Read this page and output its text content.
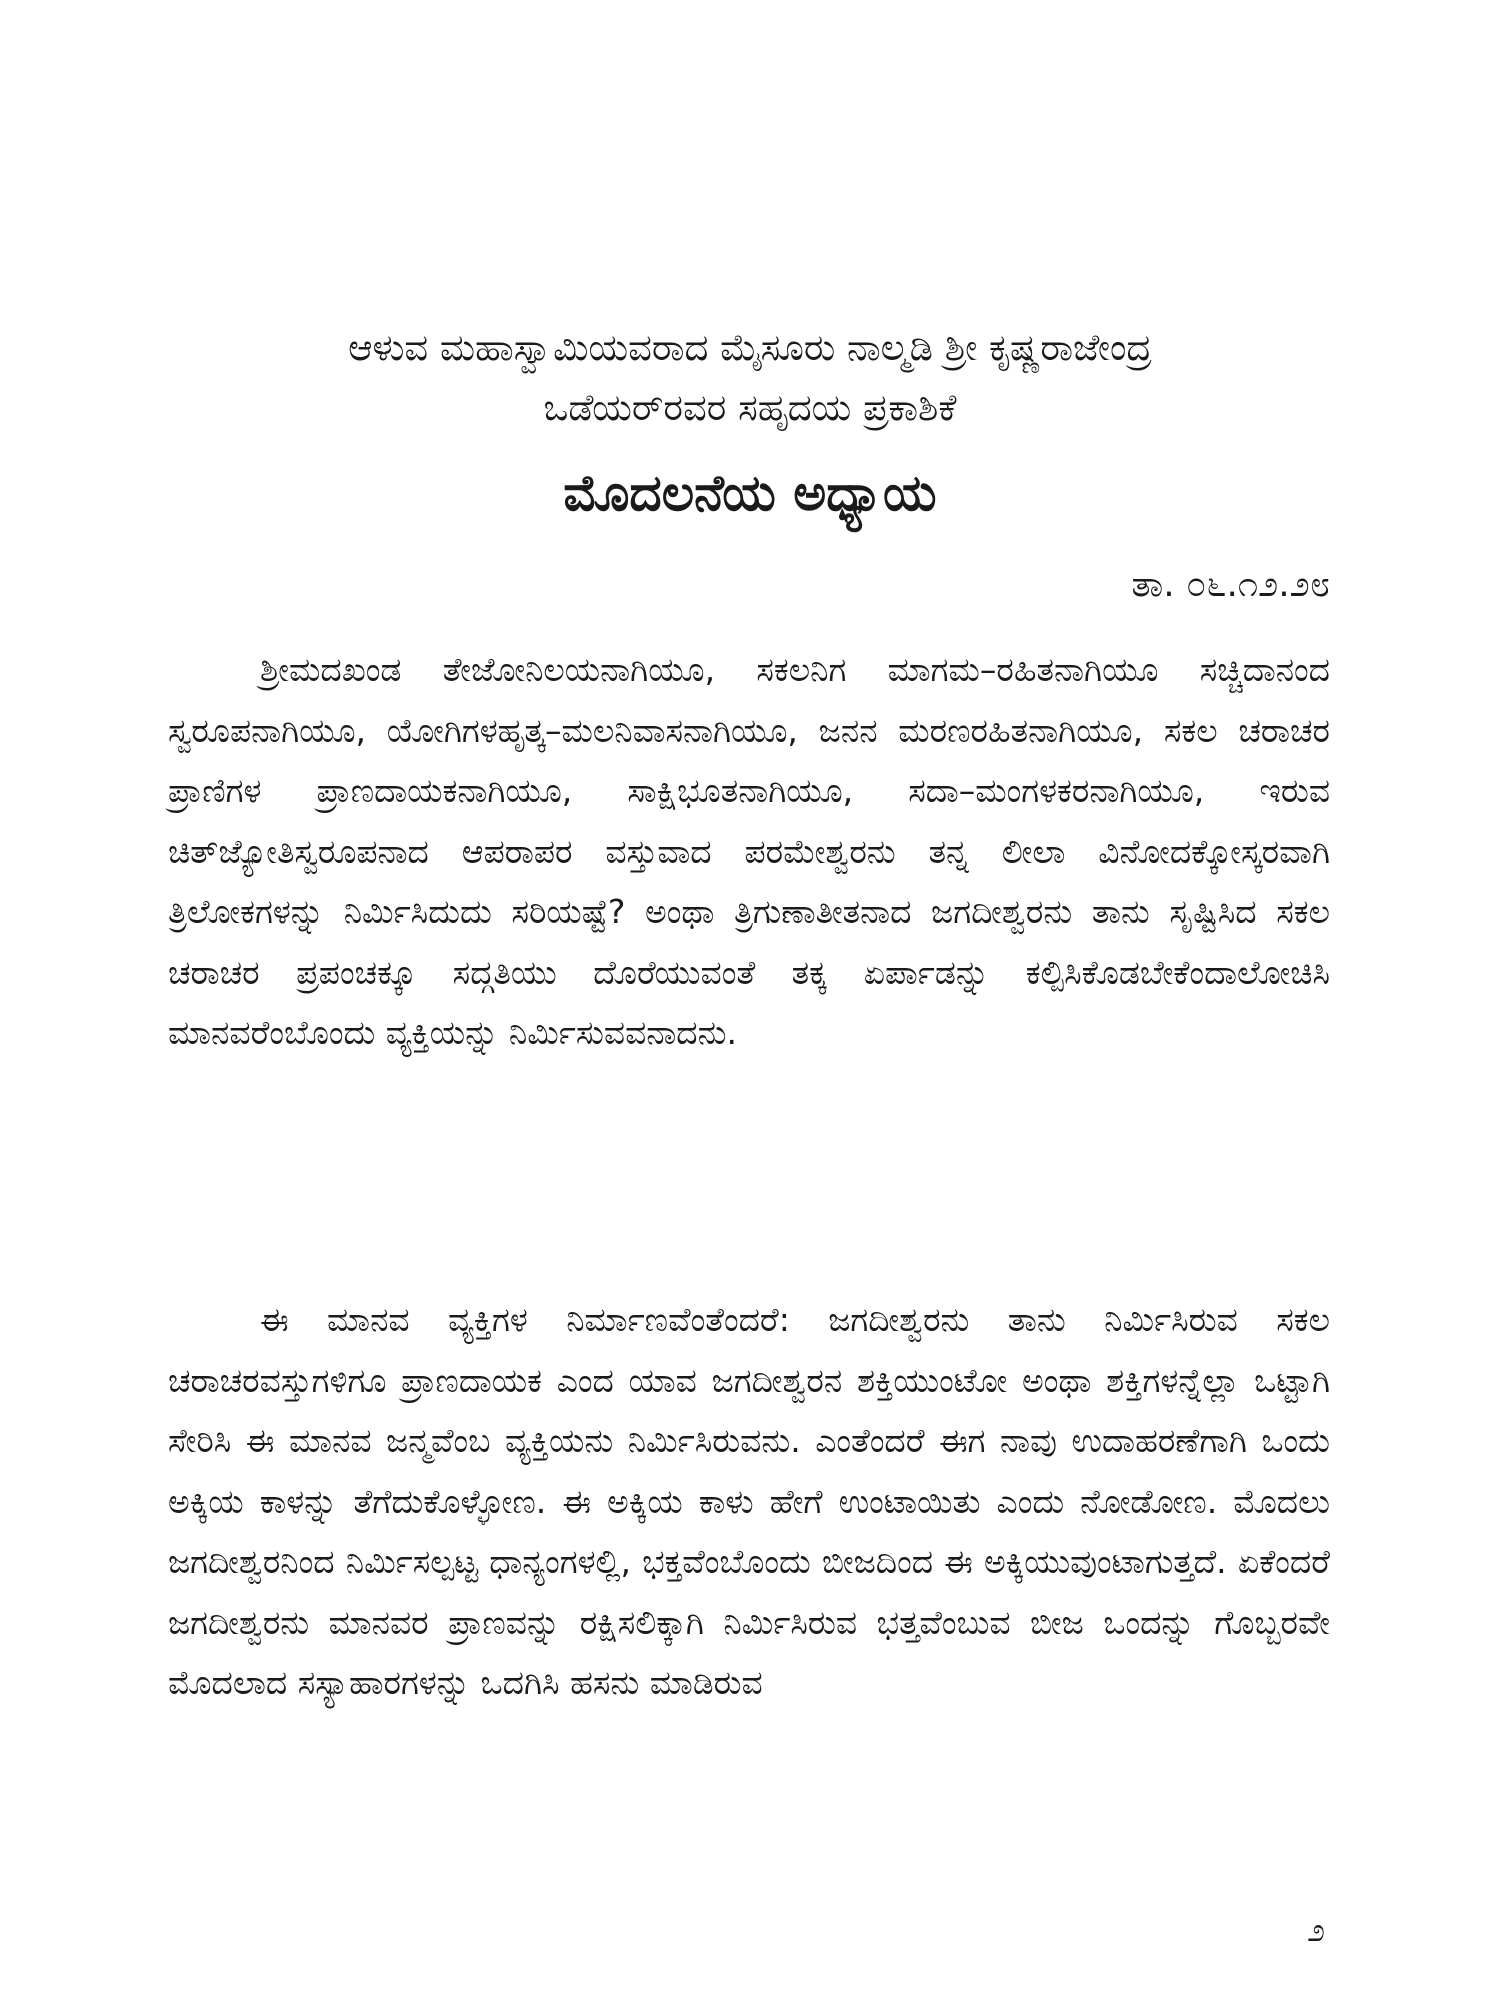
ಆಳುವ ಮಹಾಸ್ವಾಮಿಯವರಾದ ಮೈಸೂರು ನಾಲ್ಮಡಿ ಶ್ರೀ ಕೃಷ್ಣರಾಜೇಂದ್ರ
ಒಡೆಯರ್‌ರವರ ಸಹೃದಯ ಪ್ರಕಾಶಿಕೆ
ಮೊದಲನೆಯ ಅಧ್ಯಾಯ
ತಾ. ೦೬.೧೨.೨೮

ಶ್ರೀಮದಖಂಡ ತೇಜೋನಿಲಯನಾಗಿಯೂ, ಸಕಲನಿಗ ಮಾಗಮ–ರಹಿತನಾಗಿಯೂ ಸಚ್ಚಿದಾನಂದ ಸ್ವರೂಪನಾಗಿಯೂ, ಯೋಗಿಗಳಹೃತ್ಕ–ಮಲನಿವಾಸನಾಗಿಯೂ, ಜನನ ಮರಣರಹಿತನಾಗಿಯೂ, ಸಕಲ ಚರಾಚರ ಪ್ರಾಣಿಗಳ ಪ್ರಾಣದಾಯಕನಾಗಿಯೂ, ಸಾಕ್ಷಿಭೂತನಾಗಿಯೂ, ಸದಾ–ಮಂಗಳಕರನಾಗಿಯೂ, ಇರುವ ಚಿತ್‌ಜ್ಯೋತಿಸ್ವರೂಪನಾದ ಆಪರಾಪರ ವಸ್ತುವಾದ ಪರಮೇಶ್ವರನು ತನ್ನ ಲೀಲಾ ವಿನೋದಕ್ಕೋಸ್ಕರವಾಗಿ ತ್ರಿಲೋಕಗಳನ್ನು ನಿರ್ಮಿಸಿದುದು ಸರಿಯಷ್ಟೆ? ಅಂಥಾ ತ್ರಿಗುಣಾತೀತನಾದ ಜಗದೀಶ್ವರನು ತಾನು ಸೃಷ್ಟಿಸಿದ ಸಕಲ ಚರಾಚರ ಪ್ರಪಂಚಕ್ಕೂ ಸದ್ಗತಿಯು ದೊರೆಯುವಂತೆ ತಕ್ಕ ಏರ್ಪಾಡನ್ನು ಕಲ್ಪಿಸಿಕೊಡಬೇಕೆಂದಾಲೋಚಿಸಿ ಮಾನವರೆಂಬೊಂದು ವ್ಯಕ್ತಿಯನ್ನು ನಿರ್ಮಿಸುವವನಾದನು.

ಈ ಮಾನವ ವ್ಯಕ್ತಿಗಳ ನಿರ್ಮಾಣವೆಂತೆಂದರೆ: ಜಗದೀಶ್ವರನು ತಾನು ನಿರ್ಮಿಸಿರುವ ಸಕಲ ಚರಾಚರವಸ್ತುಗಳಿಗೂ ಪ್ರಾಣದಾಯಕ ಎಂದ ಯಾವ ಜಗದೀಶ್ವರನ ಶಕ್ತಿಯುಂಟೋ ಅಂಥಾ ಶಕ್ತಿಗಳನ್ನೆಲ್ಲಾ ಒಟ್ಟಾಗಿ ಸೇರಿಸಿ ಈ ಮಾನವ ಜನ್ಮವೆಂಬ ವ್ಯಕ್ತಿಯನು ನಿರ್ಮಿಸಿರುವನು. ಎಂತೆಂದರೆ ಈಗ ನಾವು ಉದಾಹರಣೆಗಾಗಿ ಒಂದು ಅಕ್ಕಿಯ ಕಾಳನ್ನು ತೆಗೆದುಕೊಳ್ಳೋಣ. ಈ ಅಕ್ಕಿಯ ಕಾಳು ಹೇಗೆ ಉಂಟಾಯಿತು ಎಂದು ನೋಡೋಣ. ಮೊದಲು ಜಗದೀಶ್ವರನಿಂದ ನಿರ್ಮಿಸಲ್ಪಟ್ಟ ಧಾನ್ಯಂಗಳಲ್ಲಿ, ಭಕ್ತವೆಂಬೊಂದು ಬೀಜದಿಂದ ಈ ಅಕ್ಕಿಯುವುಂಟಾಗುತ್ತದೆ. ಏಕೆಂದರೆ ಜಗದೀಶ್ವರನು ಮಾನವರ ಪ್ರಾಣವನ್ನು ರಕ್ಷಿಸಲಿಕ್ಕಾಗಿ ನಿರ್ಮಿಸಿರುವ ಭತ್ತವೆಂಬುವ ಬೀಜ ಒಂದನ್ನು ಗೊಬ್ಬರವೇ ಮೊದಲಾದ ಸಸ್ಯಾಹಾರಗಳನ್ನು ಒದಗಿಸಿ ಹಸನು ಮಾಡಿರುವ

೨
